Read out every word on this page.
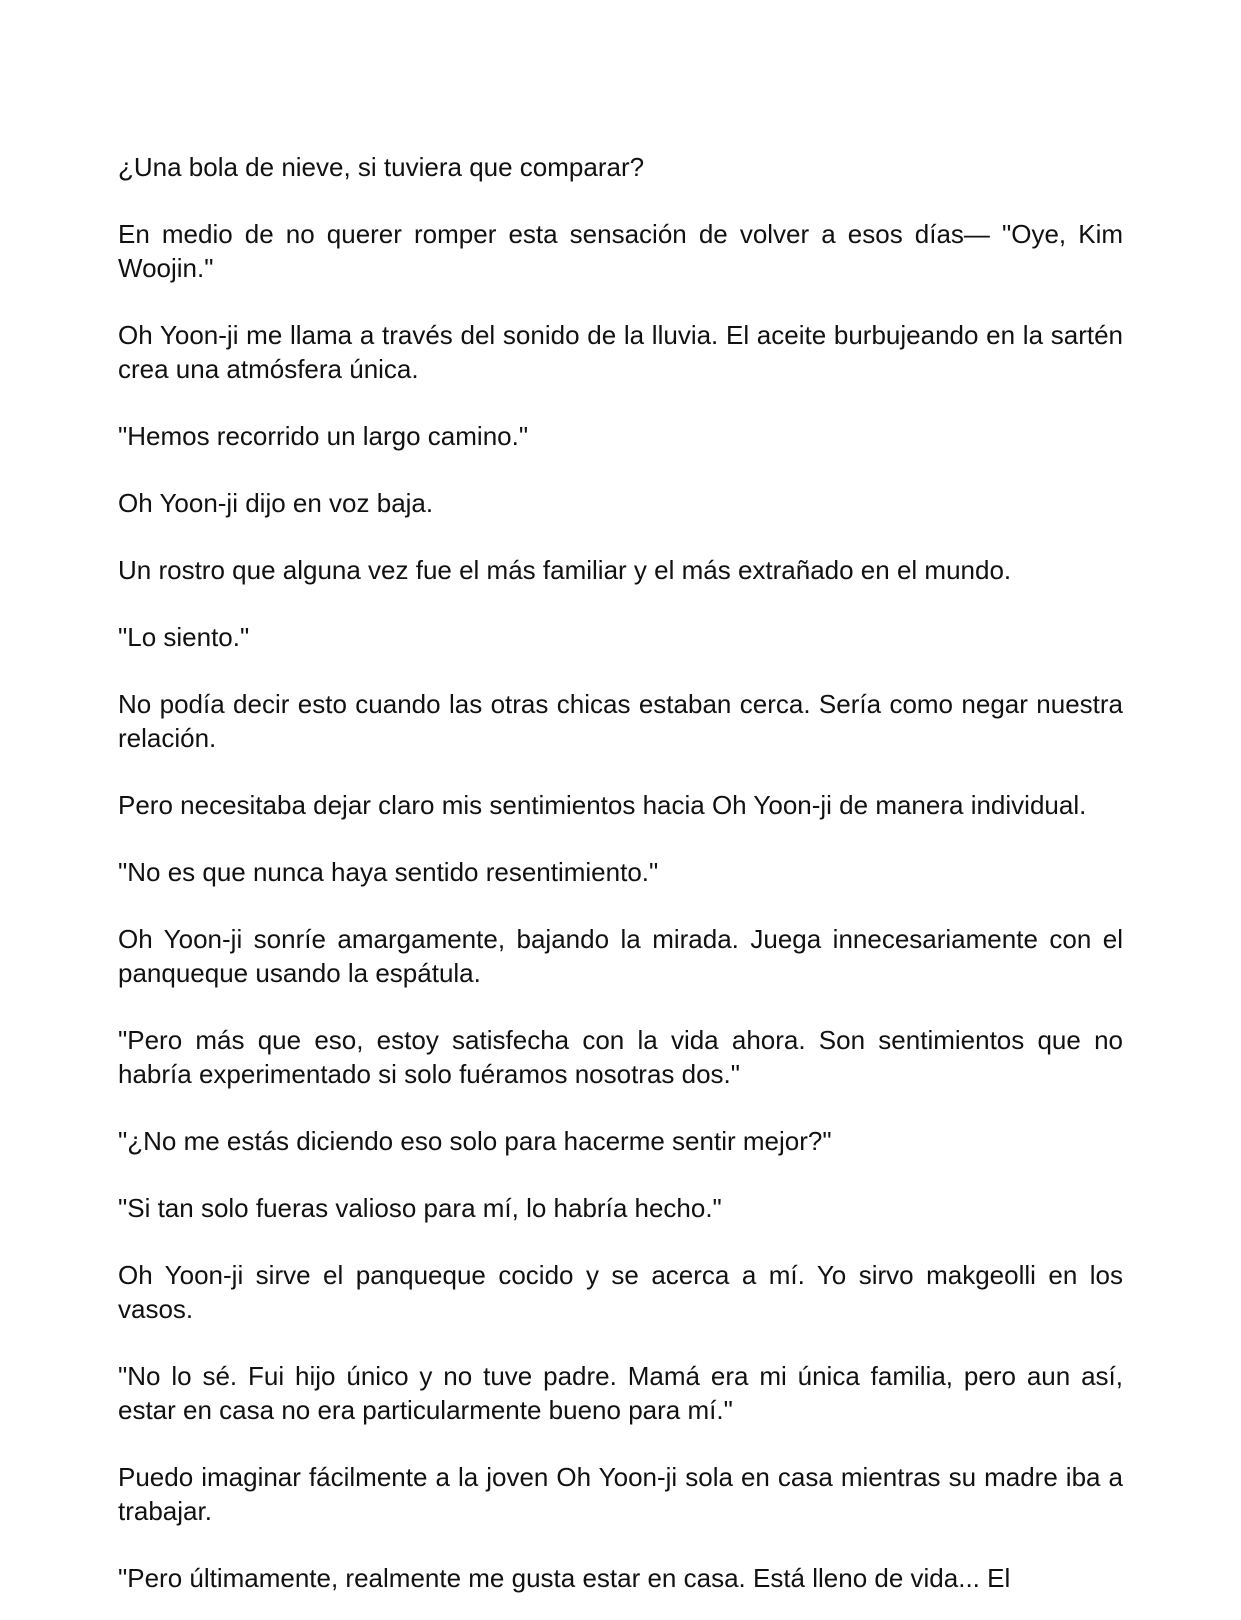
¿Una bola de nieve, si tuviera que comparar?

En medio de no querer romper esta sensación de volver a esos días— "Oye, Kim Woojin."

Oh Yoon-ji me llama a través del sonido de la lluvia. El aceite burbujeando en la sartén crea una atmósfera única.

"Hemos recorrido un largo camino."

Oh Yoon-ji dijo en voz baja.

Un rostro que alguna vez fue el más familiar y el más extrañado en el mundo.

"Lo siento."

No podía decir esto cuando las otras chicas estaban cerca. Sería como negar nuestra relación.

Pero necesitaba dejar claro mis sentimientos hacia Oh Yoon-ji de manera individual.

"No es que nunca haya sentido resentimiento."

Oh Yoon-ji sonríe amargamente, bajando la mirada. Juega innecesariamente con el panqueque usando la espátula.

"Pero más que eso, estoy satisfecha con la vida ahora. Son sentimientos que no habría experimentado si solo fuéramos nosotras dos."

"¿No me estás diciendo eso solo para hacerme sentir mejor?"

"Si tan solo fueras valioso para mí, lo habría hecho."

Oh Yoon-ji sirve el panqueque cocido y se acerca a mí. Yo sirvo makgeolli en los vasos.

"No lo sé. Fui hijo único y no tuve padre. Mamá era mi única familia, pero aun así, estar en casa no era particularmente bueno para mí."

Puedo imaginar fácilmente a la joven Oh Yoon-ji sola en casa mientras su madre iba a trabajar.

"Pero últimamente, realmente me gusta estar en casa. Está lleno de vida... El
